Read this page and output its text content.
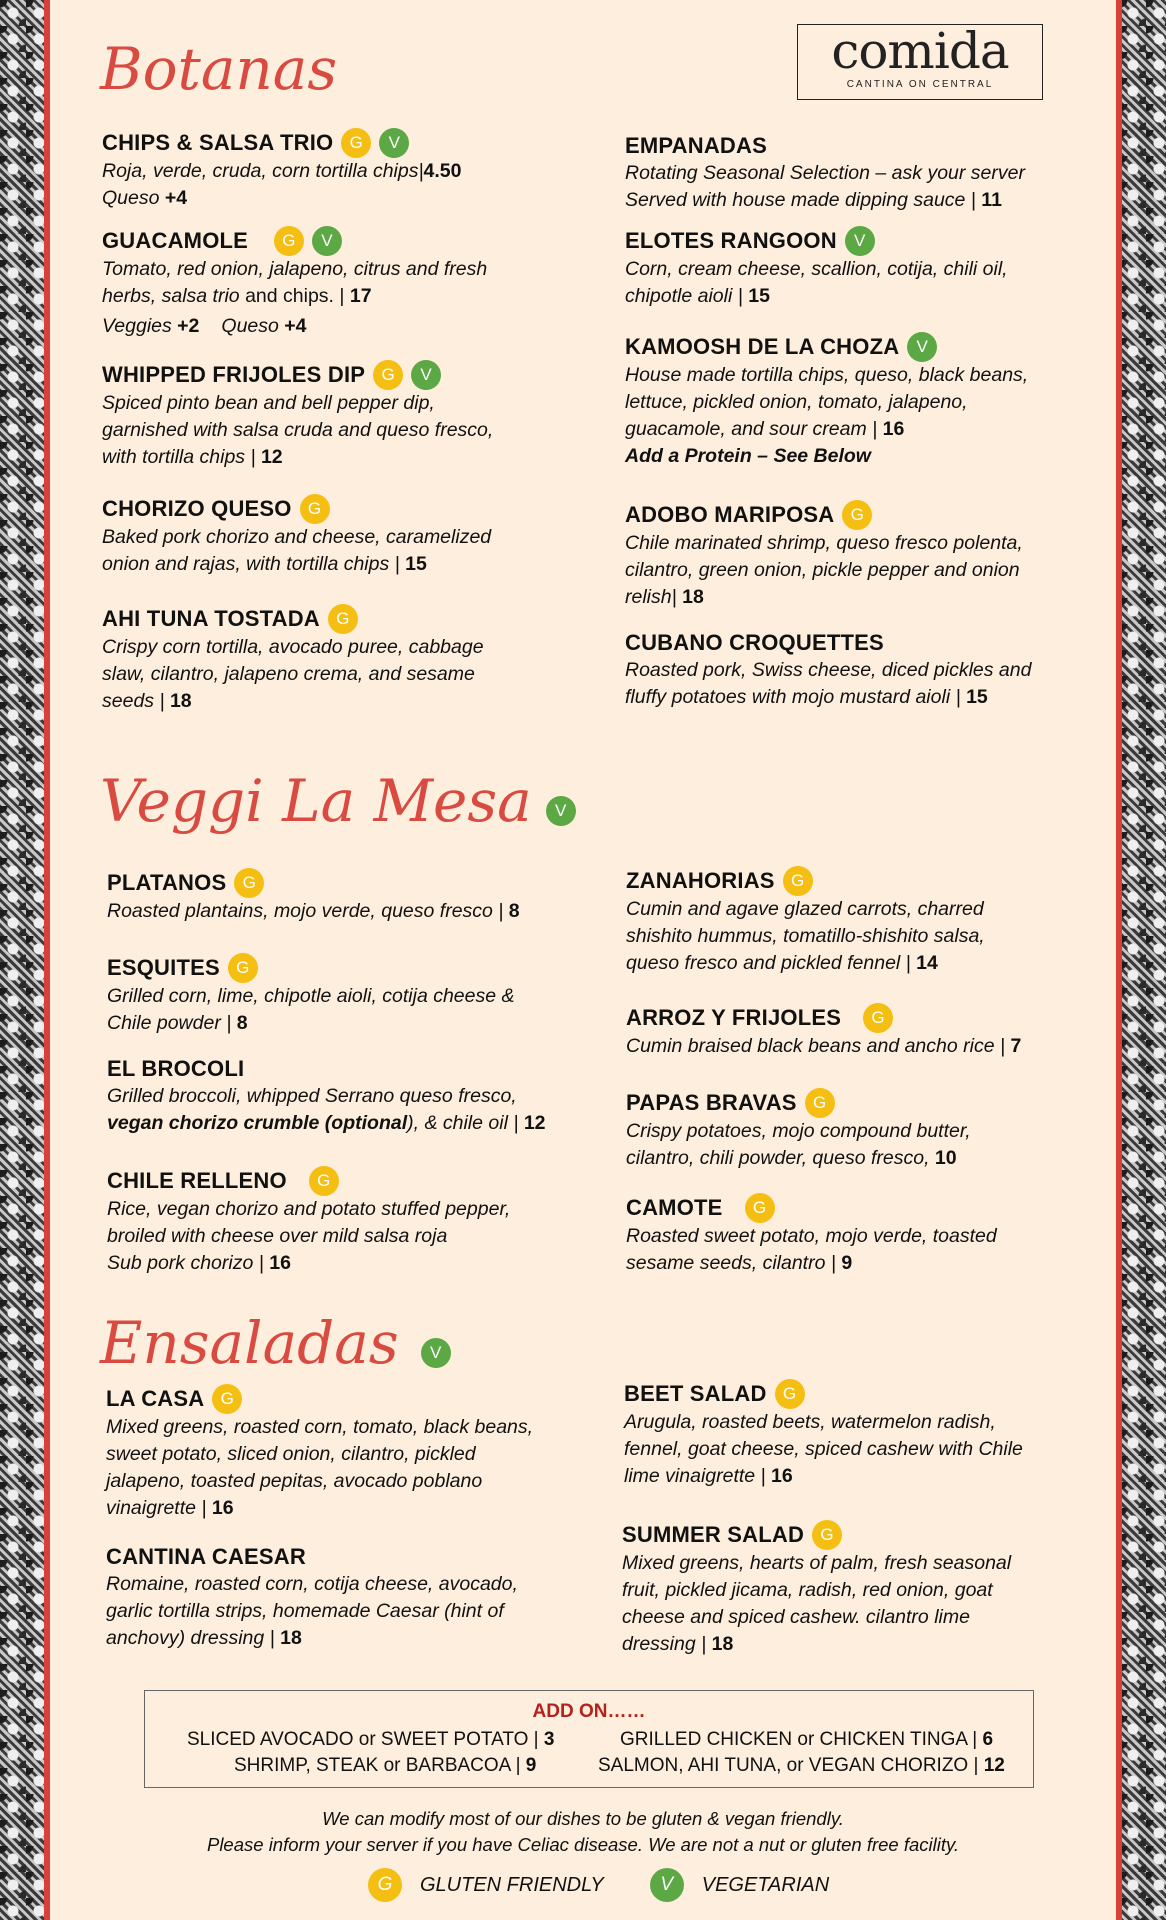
comida
CANTINA ON CENTRAL
Botanas
CHIPS & SALSA TRIO G	V
Roja, verde, cruda, corn tortilla chips|4.50
Queso +4
GUACAMOLE	G	V
Tomato, red onion, jalapeno, citrus and fresh
herbs, salsa trio and chips. | 17
Veggies +2 Queso +4
WHIPPED FRIJOLES DIP G	V
Spiced pinto bean and bell pepper dip,
garnished with salsa cruda and queso fresco,
with tortilla chips | 12
CHORIZO QUESO G
Baked pork chorizo and cheese, caramelized
onion and rajas, with tortilla chips | 15
AHI TUNA TOSTADA G
Crispy corn tortilla, avocado puree, cabbage
slaw, cilantro, jalapeno crema, and sesame
seeds | 18
EMPANADAS
Rotating Seasonal Selection – ask your server
Served with house made dipping sauce | 11
ELOTES RANGOON	V
Corn, cream cheese, scallion, cotija, chili oil,
chipotle aioli | 15
KAMOOSH DE LA CHOZA	V
House made tortilla chips, queso, black beans,
lettuce, pickled onion, tomato, jalapeno,
guacamole, and sour cream | 16
Add a Protein – See Below
ADOBO MARIPOSA G
Chile marinated shrimp, queso fresco polenta,
cilantro, green onion, pickle pepper and onion
relish| 18
CUBANO CROQUETTES
Roasted pork, Swiss cheese, diced pickles and
fluffy potatoes with mojo mustard aioli | 15
Veggi La Mesa	V
PLATANOS G
Roasted plantains, mojo verde, queso fresco | 8
ESQUITES G
Grilled corn, lime, chipotle aioli, cotija cheese &
Chile powder | 8
EL BROCOLI
Grilled broccoli, whipped Serrano queso fresco,
vegan chorizo crumble (optional), & chile oil | 12
CHILE RELLENO	G
Rice, vegan chorizo and potato stuffed pepper,
broiled with cheese over mild salsa roja
Sub pork chorizo | 16
ZANAHORIAS G
Cumin and agave glazed carrots, charred
shishito hummus, tomatillo-shishito salsa,
queso fresco and pickled fennel | 14
ARROZ Y FRIJOLES	G
Cumin braised black beans and ancho rice | 7
PAPAS BRAVAS G
Crispy potatoes, mojo compound butter,
cilantro, chili powder, queso fresco, 10
CAMOTE	G
Roasted sweet potato, mojo verde, toasted
sesame seeds, cilantro | 9
Ensaladas	V
LA CASA G
Mixed greens, roasted corn, tomato, black beans,
sweet potato, sliced onion, cilantro, pickled
jalapeno, toasted pepitas, avocado poblano
vinaigrette | 16
CANTINA CAESAR
Romaine, roasted corn, cotija cheese, avocado,
garlic tortilla strips, homemade Caesar (hint of
anchovy) dressing | 18
BEET SALAD G
Arugula, roasted beets, watermelon radish,
fennel, goat cheese, spiced cashew with Chile
lime vinaigrette | 16
SUMMER SALAD G
Mixed greens, hearts of palm, fresh seasonal
fruit, pickled jicama, radish, red onion, goat
cheese and spiced cashew. cilantro lime
dressing | 18
ADD ON……
SLICED AVOCADO or SWEET POTATO | 3	GRILLED CHICKEN or CHICKEN TINGA | 6
SHRIMP, STEAK or BARBACOA | 9	SALMON, AHI TUNA, or VEGAN CHORIZO | 12
We can modify most of our dishes to be gluten & vegan friendly.
Please inform your server if you have Celiac disease. We are not a nut or gluten free facility.
G	GLUTEN FRIENDLY	V	VEGETARIAN
